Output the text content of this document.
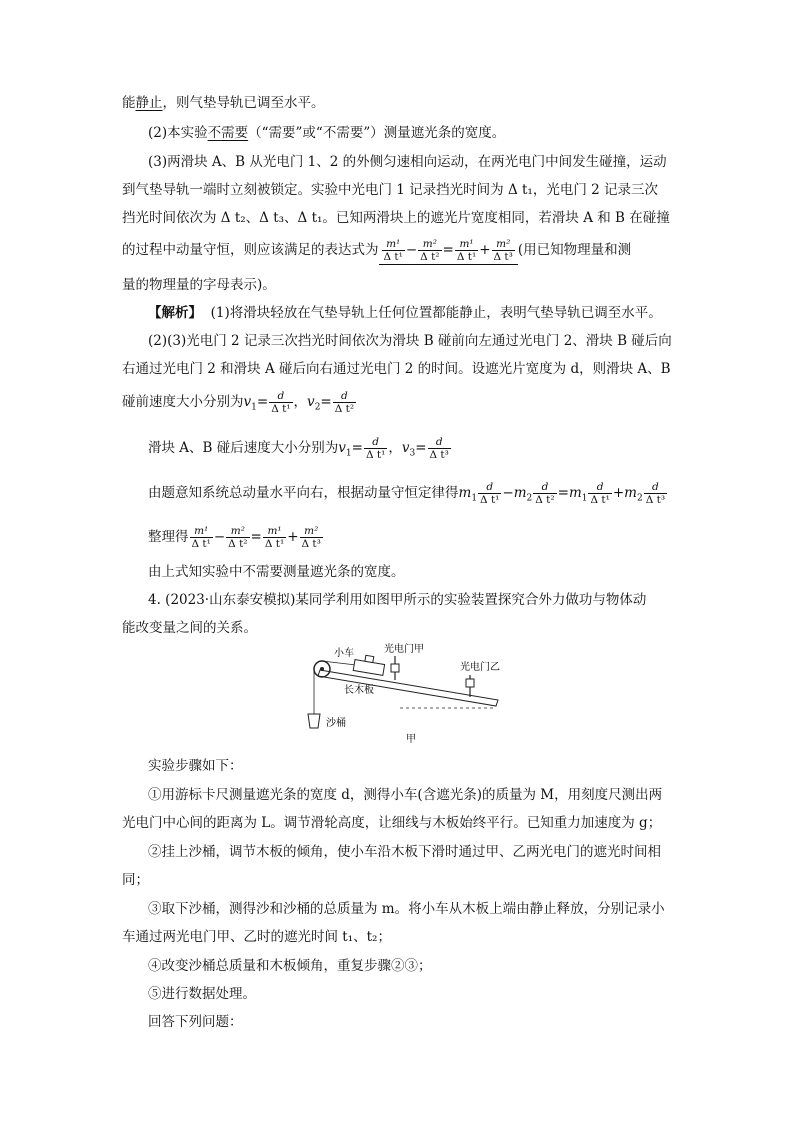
能静止，则气垫导轨已调至水平。
(2)本实验不需要（“需要”或“不需要”）测量遮光条的宽度。
(3)两滑块 A、B 从光电门 1、2 的外侧匀速相向运动，在两光电门中间发生碰撞，运动
到气垫导轨一端时立刻被锁定。实验中光电门 1 记录挡光时间为 Δ t₁，光电门 2 记录三次
挡光时间依次为 Δ t₂、Δ t₃、Δ t₁。已知两滑块上的遮光片宽度相同，若滑块 A 和 B 在碰撞
的过程中动量守恒，则应该满足的表达式为 $\frac{\text{m¹}}{\text{Δ t¹}} - \frac{\text{m²}}{\text{Δ t²}} = \frac{\text{m¹}}{\text{Δ t¹}} + \frac{\text{m²}}{\text{Δ t³}}$ (用已知物理量和测
量的物理量的字母表示)。
【解析】 (1)将滑块轻放在气垫导轨上任何位置都能静止，表明气垫导轨已调至水平。
(2)(3)光电门 2 记录三次挡光时间依次为滑块 B 碰前向左通过光电门 2、滑块 B 碰后向
右通过光电门 2 和滑块 A 碰后向右通过光电门 2 的时间。设遮光片宽度为 d，则滑块 A、B
碰前速度大小分别为$v_1= \frac{d}{\text{Δ t¹}}$ ，$v_2= \frac{d}{\text{Δ t²}}$
滑块 A、B 碰后速度大小分别为$v_1= \frac{d}{\text{Δ t¹}}$ ，$v_3= \frac{d}{\text{Δ t³}}$
由题意知系统总动量水平向右，根据动量守恒定律得$m_1 \frac{d}{\text{Δ t¹}} -m_2 \frac{d}{\text{Δ t²}} =m_1 \frac{d}{\text{Δ t¹}} +m_2 \frac{d}{\text{Δ t³}}$
整理得 $\frac{\text{m¹}}{\text{Δ t¹}} - \frac{\text{m²}}{\text{Δ t²}} = \frac{\text{m¹}}{\text{Δ t¹}} + \frac{\text{m²}}{\text{Δ t³}}$
由上式知实验中不需要测量遮光条的宽度。
4. (2023·山东泰安模拟)某同学利用如图甲所示的实验装置探究合外力做功与物体动
能改变量之间的关系。
小车	光电门甲
光电门乙
长木板
沙桶
甲
实验步骤如下：
①用游标卡尺测量遮光条的宽度 d，测得小车(含遮光条)的质量为 M，用刻度尺测出两
光电门中心间的距离为 L。调节滑轮高度，让细线与木板始终平行。已知重力加速度为 g；
②挂上沙桶，调节木板的倾角，使小车沿木板下滑时通过甲、乙两光电门的遮光时间相
同；
③取下沙桶，测得沙和沙桶的总质量为 m。将小车从木板上端由静止释放，分别记录小
车通过两光电门甲、乙时的遮光时间 t₁、t₂；
④改变沙桶总质量和木板倾角，重复步骤②③；
⑤进行数据处理。
回答下列问题：
